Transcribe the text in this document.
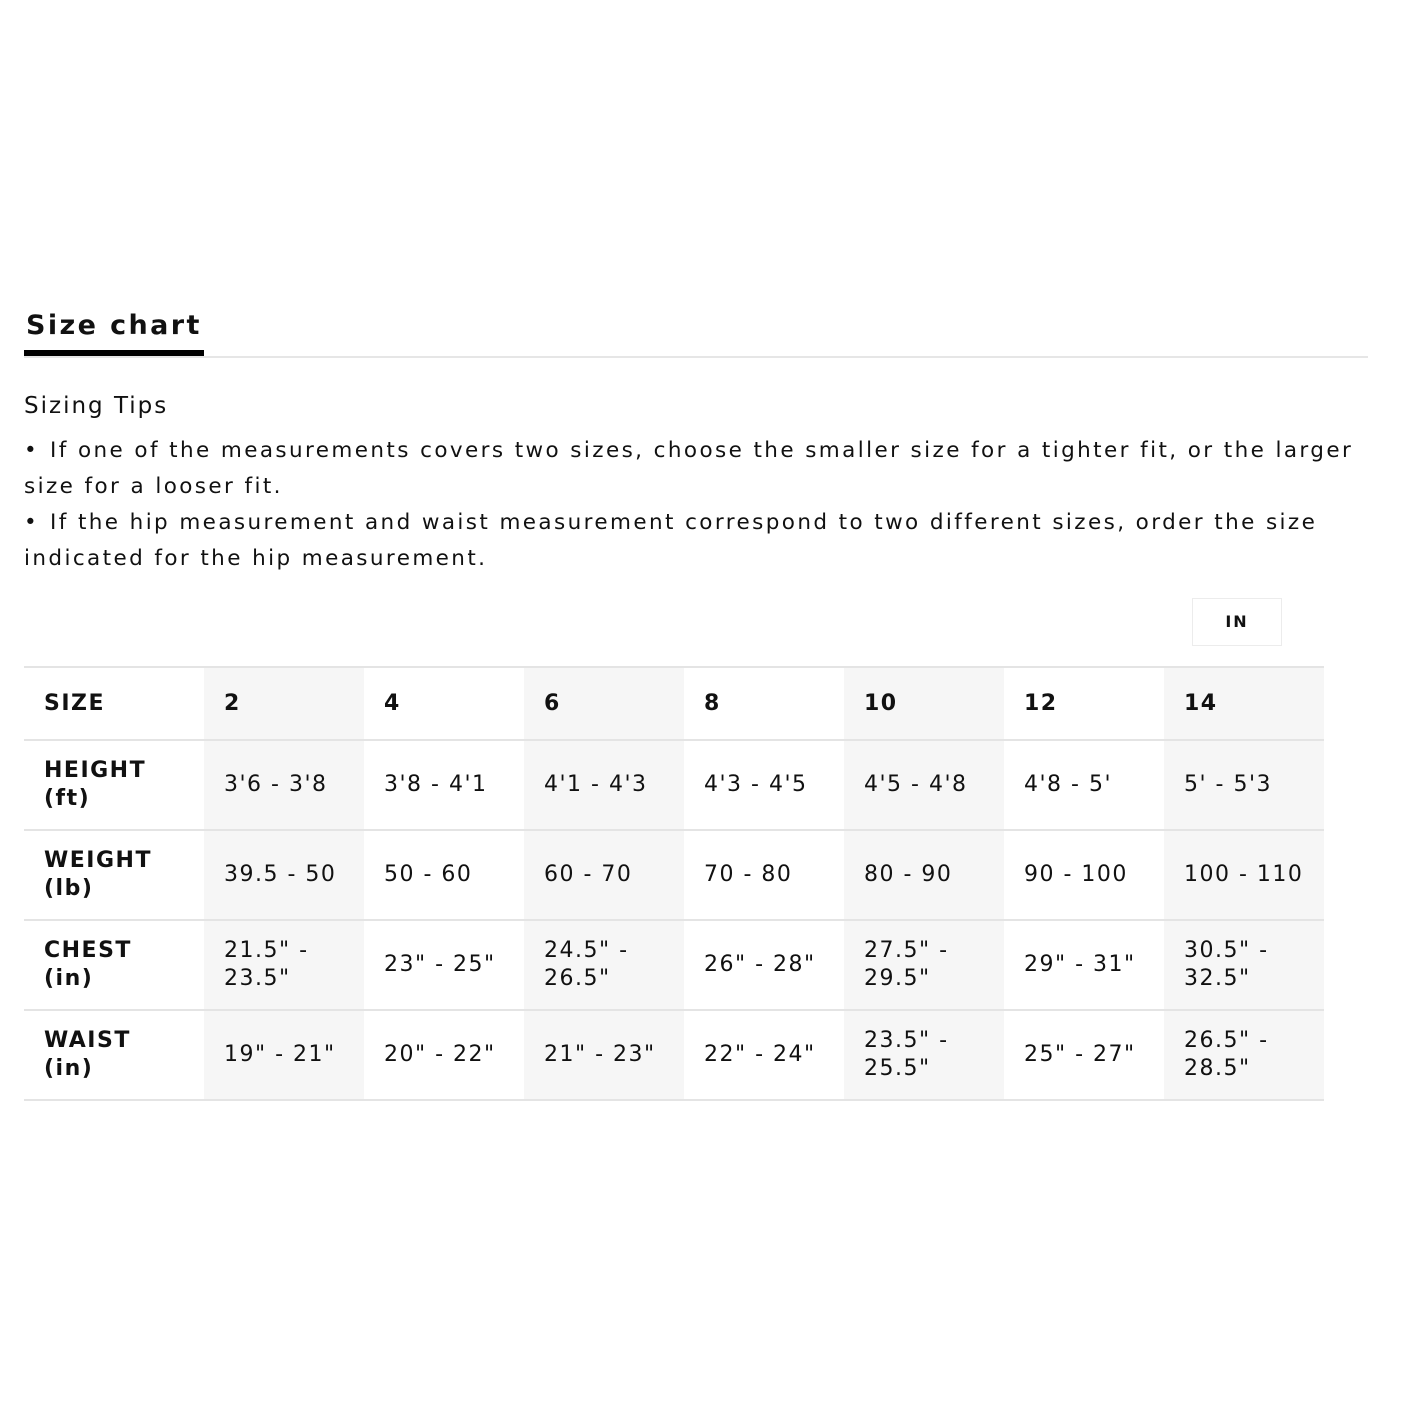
Size chart
Sizing Tips
• If one of the measurements covers two sizes, choose the smaller size for a tighter fit, or the larger size for a looser fit.
• If the hip measurement and waist measurement correspond to two different sizes, order the size indicated for the hip measurement.
IN
SIZE	2	4	6	8	10	12	14

HEIGHT
(ft)	3'6 - 3'8	3'8 - 4'1	4'1 - 4'3	4'3 - 4'5	4'5 - 4'8	4'8 - 5'	5' - 5'3

WEIGHT
(lb)	39.5 - 50	50 - 60	60 - 70	70 - 80	80 - 90	90 - 100	100 - 110

CHEST
(in)	21.5" - 23.5"	23" - 25"	24.5" - 26.5"	26" - 28"	27.5" - 29.5"	29" - 31"	30.5" - 32.5"

WAIST
(in)	19" - 21"	20" - 22"	21" - 23"	22" - 24"	23.5" - 25.5"	25" - 27"	26.5" - 28.5"
